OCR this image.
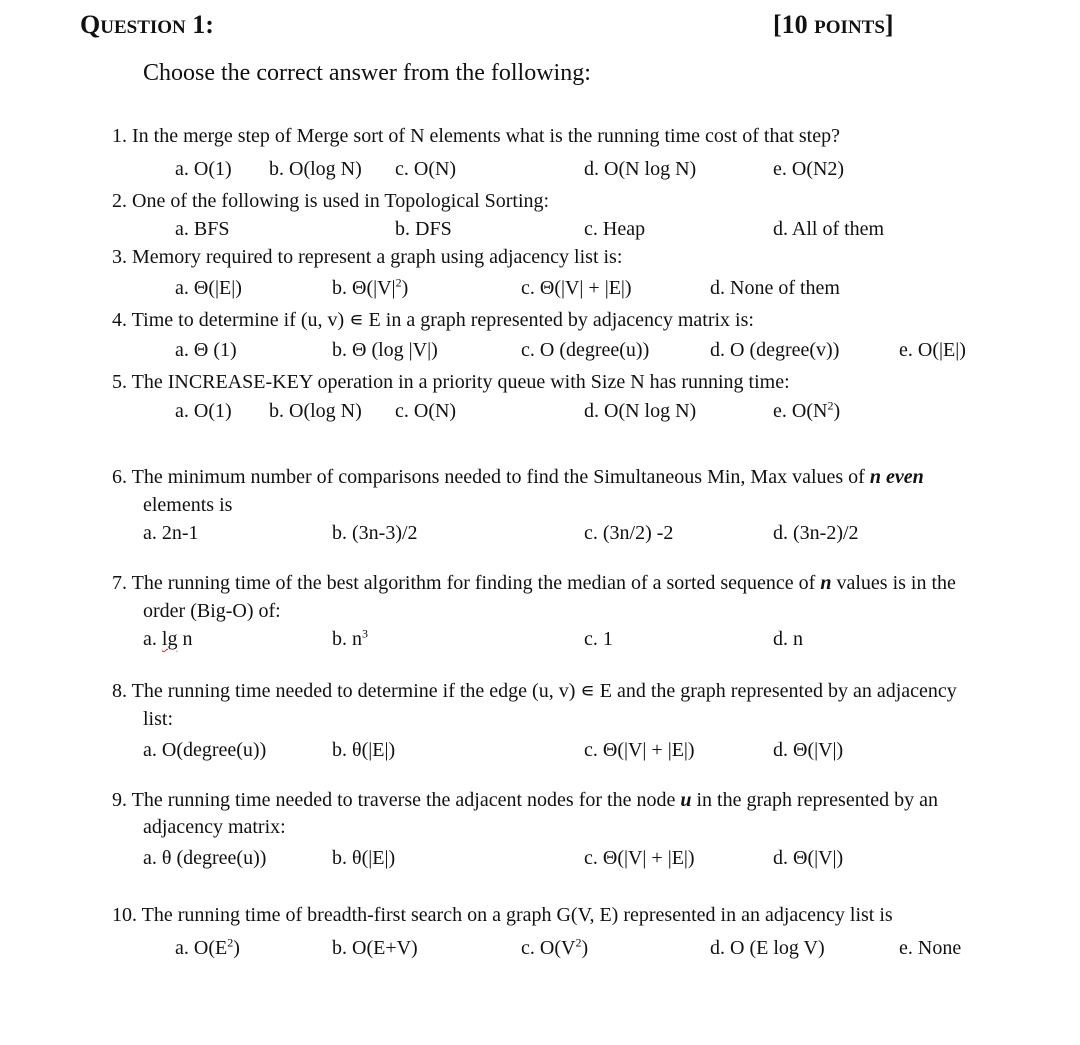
QUESTION 1:	[10 POINTS]
Choose the correct answer from the following:
1. In the merge step of Merge sort of N elements what is the running time cost of that step?
a. O(1) b. O(log N) c. O(N)	d. O(N log N)	e. O(N2)
2. One of the following is used in Topological Sorting:
a. BFS	b. DFS	c. Heap	d. All of them
3. Memory required to represent a graph using adjacency list is:
a. Θ(|E|)	b. $\Theta(|V|^2)$	c. Θ(|V| + |E|)	d. None of them
4. Time to determine if (u, v) ∊ E in a graph represented by adjacency matrix is:
a. Θ (1)	b. Θ (log |V|)	c. O (degree(u))	d. O (degree(v))	e. O(|E|)
5. The INCREASE-KEY operation in a priority queue with Size N has running time:
a. O(1) b. O(log N) c. O(N)	d. O(N log N)	e. $O(N^2)$
6. The minimum number of comparisons needed to find the Simultaneous Min, Max values of n even
elements is
a. 2n-1	b. (3n-3)/2	c. (3n/2) -2	d. (3n-2)/2
7. The running time of the best algorithm for finding the median of a sorted sequence of n values is in the
order (Big-O) of:
a. lg n	b. $n^3$	c. 1	d. n
8. The running time needed to determine if the edge (u, v) ∊ E and the graph represented by an adjacency
list:
a. O(degree(u))	b. θ(|E|)	c. Θ(|V| + |E|)	d. Θ(|V|)
9. The running time needed to traverse the adjacent nodes for the node u in the graph represented by an
adjacency matrix:
a. θ (degree(u))	b. θ(|E|)	c. Θ(|V| + |E|)	d. Θ(|V|)
10. The running time of breadth-first search on a graph G(V, E) represented in an adjacency list is
a. $O(E^2)$	b. O(E+V)	c. $O(V^2)$	d. O (E log V)	e. None
